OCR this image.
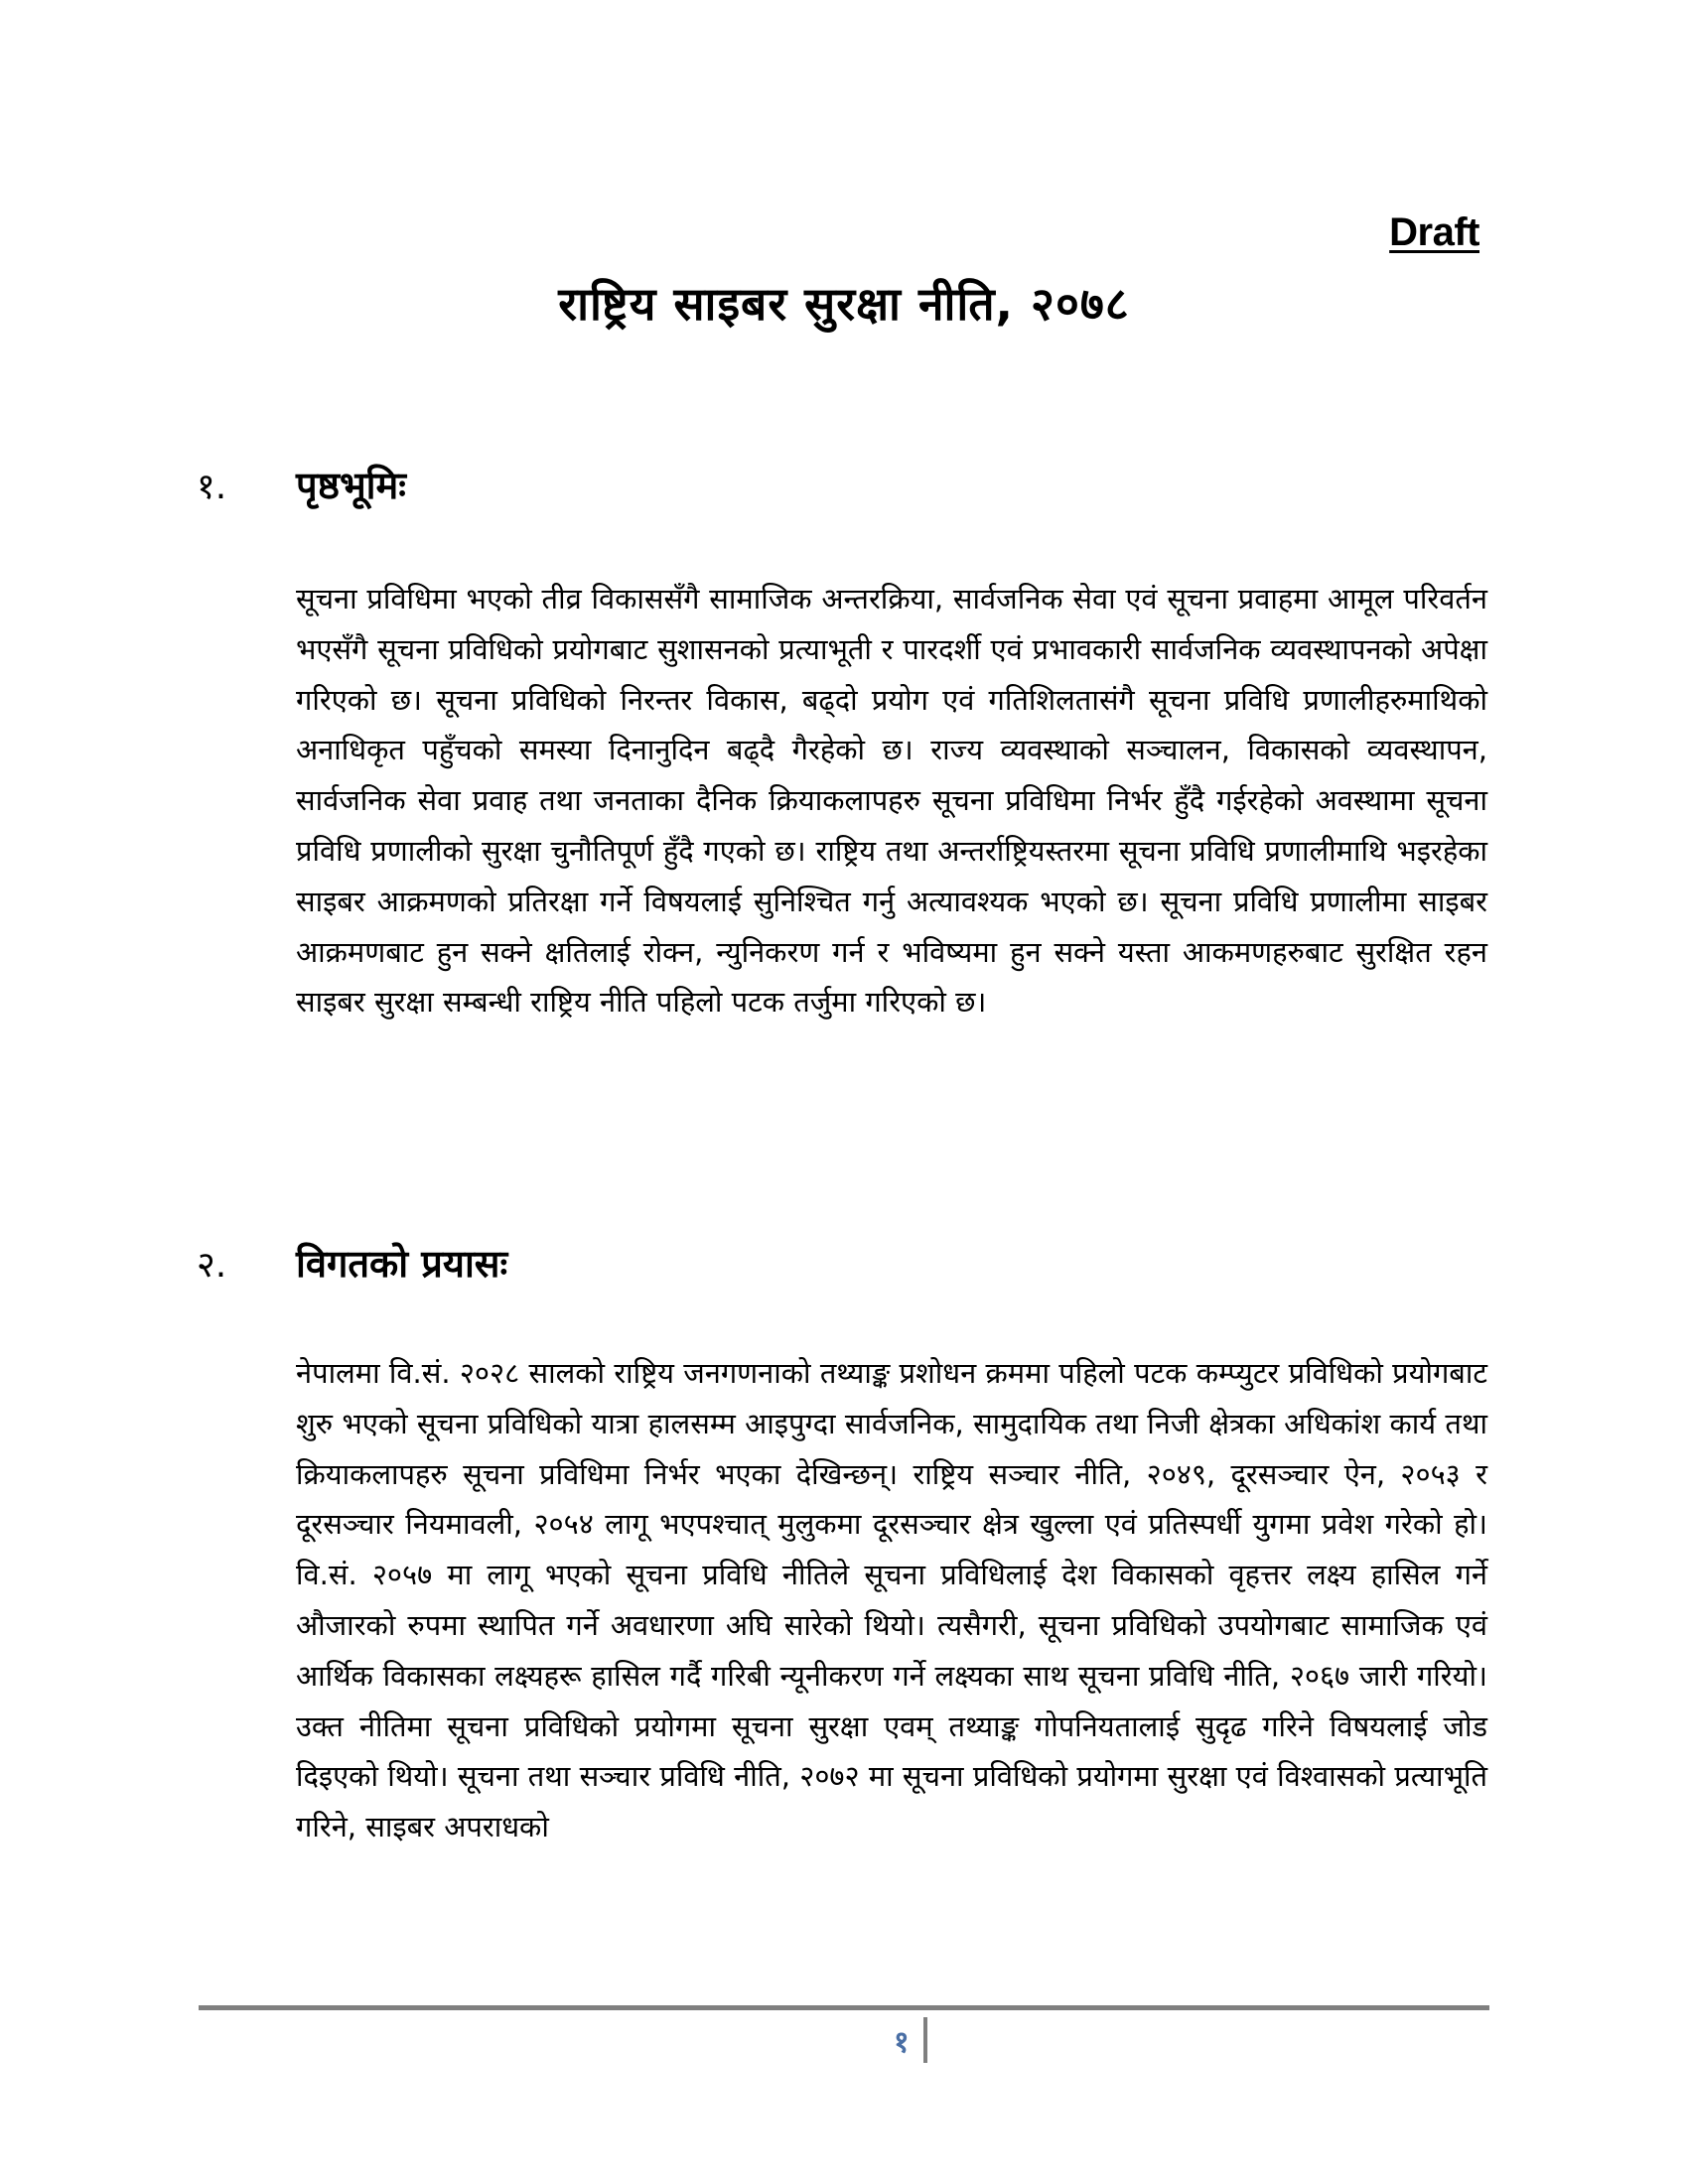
Draft
राष्ट्रिय साइबर सुरक्षा नीति, २०७८
१.	पृष्ठभूमिः
सूचना प्रविधिमा भएको तीव्र विकाससँगै सामाजिक अन्तरक्रिया, सार्वजनिक सेवा एवं सूचना प्रवाहमा आमूल परिवर्तन भएसँगै सूचना प्रविधिको प्रयोगबाट सुशासनको प्रत्याभूती र पारदर्शी एवं प्रभावकारी सार्वजनिक व्यवस्थापनको अपेक्षा गरिएको छ। सूचना प्रविधिको निरन्तर विकास, बढ्दो प्रयोग एवं गतिशिलतासंगै सूचना प्रविधि प्रणालीहरुमाथिको अनाधिकृत पहुँचको समस्या दिनानुदिन बढ्दै गैरहेको छ। राज्य व्यवस्थाको सञ्चालन, विकासको व्यवस्थापन, सार्वजनिक सेवा प्रवाह तथा जनताका दैनिक क्रियाकलापहरु सूचना प्रविधिमा निर्भर हुँदै गईरहेको अवस्थामा सूचना प्रविधि प्रणालीको सुरक्षा चुनौतिपूर्ण हुँदै गएको छ। राष्ट्रिय तथा अन्तर्राष्ट्रियस्तरमा सूचना प्रविधि प्रणालीमाथि भइरहेका साइबर आक्रमणको प्रतिरक्षा गर्ने विषयलाई सुनिश्चित गर्नु अत्यावश्यक भएको छ। सूचना प्रविधि प्रणालीमा साइबर आक्रमणबाट हुन सक्ने क्षतिलाई रोक्न, न्युनिकरण गर्न र भविष्यमा हुन सक्ने यस्ता आकमणहरुबाट सुरक्षित रहन साइबर सुरक्षा सम्बन्धी राष्ट्रिय नीति पहिलो पटक तर्जुमा गरिएको छ।
२.	विगतको प्रयासः
नेपालमा वि.सं. २०२८ सालको राष्ट्रिय जनगणनाको तथ्याङ्क प्रशोधन क्रममा पहिलो पटक कम्प्युटर प्रविधिको प्रयोगबाट शुरु भएको सूचना प्रविधिको यात्रा हालसम्म आइपुग्दा सार्वजनिक, सामुदायिक तथा निजी क्षेत्रका अधिकांश कार्य तथा क्रियाकलापहरु सूचना प्रविधिमा निर्भर भएका देखिन्छन्। राष्ट्रिय सञ्चार नीति, २०४९, दूरसञ्चार ऐन, २०५३ र दूरसञ्चार नियमावली, २०५४ लागू भएपश्चात् मुलुकमा दूरसञ्चार क्षेत्र खुल्ला एवं प्रतिस्पर्धी युगमा प्रवेश गरेको हो। वि.सं. २०५७ मा लागू भएको सूचना प्रविधि नीतिले सूचना प्रविधिलाई देश विकासको वृहत्तर लक्ष्य हासिल गर्ने औजारको रुपमा स्थापित गर्ने अवधारणा अघि सारेको थियो। त्यसैगरी, सूचना प्रविधिको उपयोगबाट सामाजिक एवं आर्थिक विकासका लक्ष्यहरू हासिल गर्दै गरिबी न्यूनीकरण गर्ने लक्ष्यका साथ सूचना प्रविधि नीति, २०६७ जारी गरियो। उक्त नीतिमा सूचना प्रविधिको प्रयोगमा सूचना सुरक्षा एवम् तथ्याङ्क गोपनियतालाई सुदृढ गरिने विषयलाई जोड दिइएको थियो। सूचना तथा सञ्चार प्रविधि नीति, २०७२ मा सूचना प्रविधिको प्रयोगमा सुरक्षा एवं विश्वासको प्रत्याभूति गरिने, साइबर अपराधको
१
